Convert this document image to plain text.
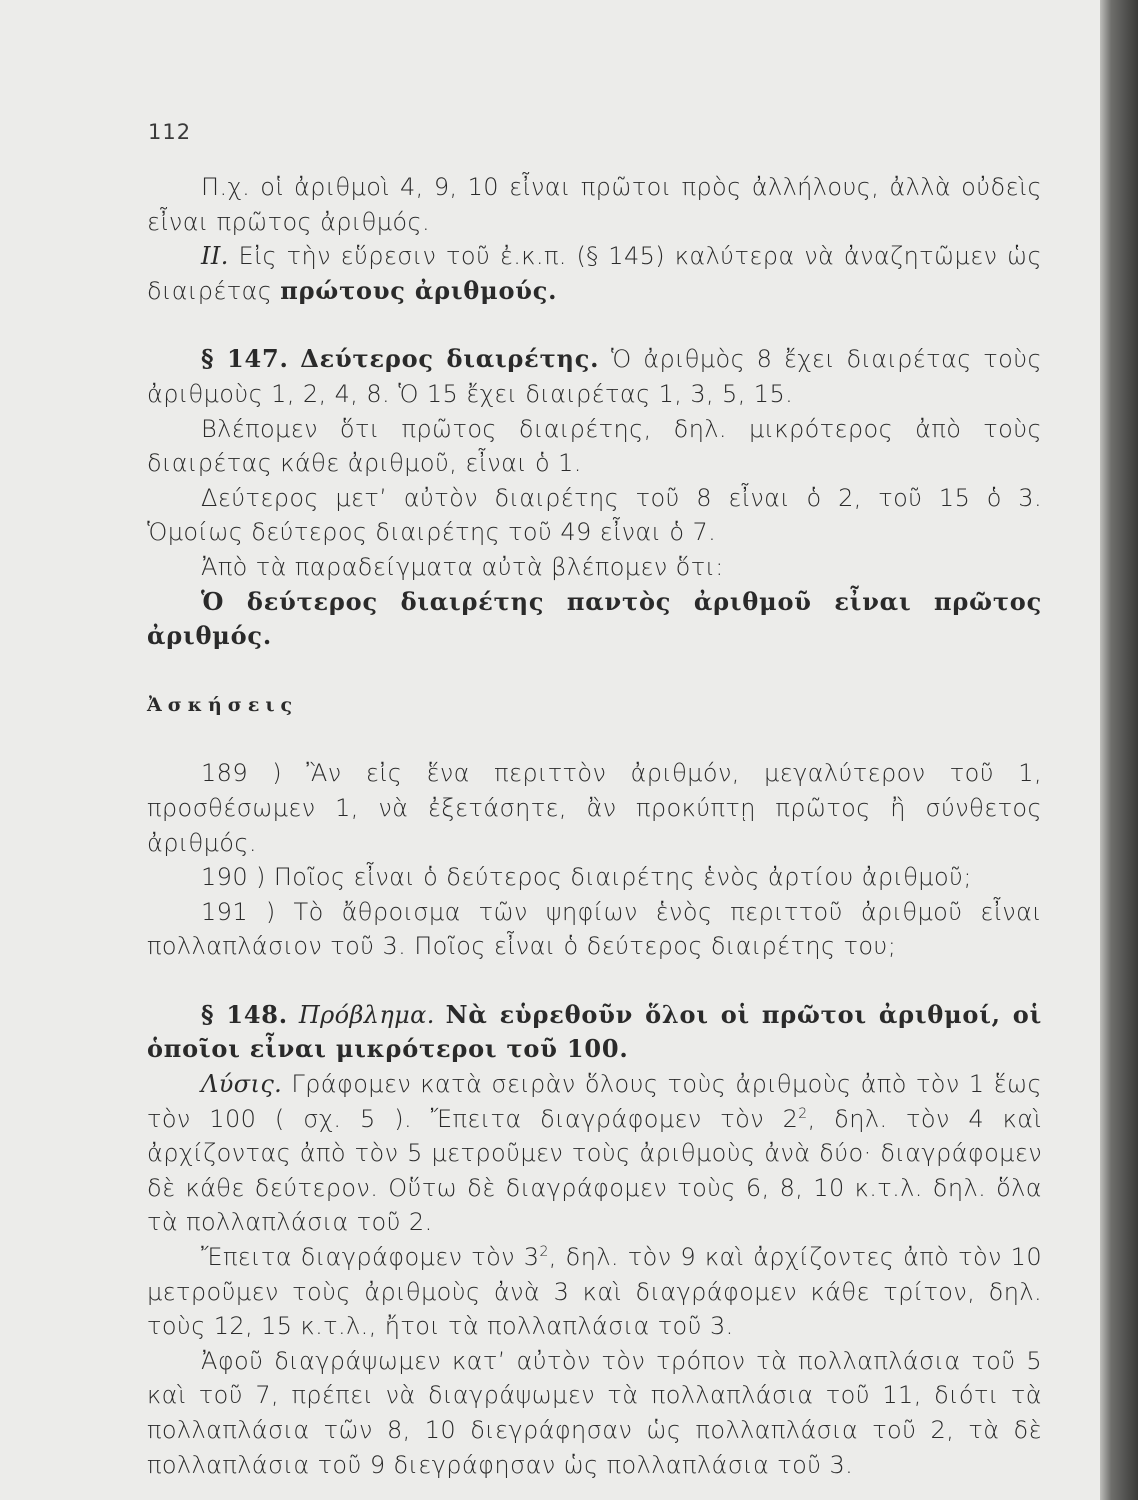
112

Π.χ. οἱ ἀριθμοὶ 4, 9, 10 εἶναι πρῶτοι πρὸς ἀλλήλους, ἀλλὰ οὐδεὶς εἶναι πρῶτος ἀριθμός.

II. Εἰς τὴν εὕρεσιν τοῦ ἐ.κ.π. (§ 145) καλύτερα νὰ ἀναζητῶμεν ὡς διαιρέτας πρώτους ἀριθμούς.

§ 147. Δεύτερος διαιρέτης. Ὁ ἀριθμὸς 8 ἔχει διαιρέτας τοὺς ἀριθμοὺς 1, 2, 4, 8. Ὁ 15 ἔχει διαιρέτας 1, 3, 5, 15.

Βλέπομεν ὅτι πρῶτος διαιρέτης, δηλ. μικρότερος ἀπὸ τοὺς διαιρέτας κάθε ἀριθμοῦ, εἶναι ὁ 1.

Δεύτερος μετ’ αὐτὸν διαιρέτης τοῦ 8 εἶναι ὁ 2, τοῦ 15 ὁ 3. Ὁμοίως δεύτερος διαιρέτης τοῦ 49 εἶναι ὁ 7.

Ἀπὸ τὰ παραδείγματα αὐτὰ βλέπομεν ὅτι:

Ὁ δεύτερος διαιρέτης παντὸς ἀριθμοῦ εἶναι πρῶτος ἀριθμός.

Ἀσκήσεις

189 ) Ἂν εἰς ἕνα περιττὸν ἀριθμόν, μεγαλύτερον τοῦ 1, προσθέσωμεν 1, νὰ ἐξετάσητε, ἂν προκύπτῃ πρῶτος ἢ σύνθετος ἀριθμός.

190 ) Ποῖος εἶναι ὁ δεύτερος διαιρέτης ἑνὸς ἀρτίου ἀριθμοῦ;

191 ) Τὸ ἄθροισμα τῶν ψηφίων ἑνὸς περιττοῦ ἀριθμοῦ εἶναι πολλαπλάσιον τοῦ 3. Ποῖος εἶναι ὁ δεύτερος διαιρέτης του;

§ 148. Πρόβλημα. Νὰ εὑρεθοῦν ὅλοι οἱ πρῶτοι ἀριθμοί, οἱ ὁποῖοι εἶναι μικρότεροι τοῦ 100.

Λύσις. Γράφομεν κατὰ σειρὰν ὅλους τοὺς ἀριθμοὺς ἀπὸ τὸν 1 ἕως τὸν 100 ( σχ. 5 ). Ἔπειτα διαγράφομεν τὸν $2^2$, δηλ. τὸν 4 καὶ ἀρχίζοντας ἀπὸ τὸν 5 μετροῦμεν τοὺς ἀριθμοὺς ἀνὰ δύο· διαγράφομεν δὲ κάθε δεύτερον. Οὕτω δὲ διαγράφομεν τοὺς 6, 8, 10 κ.τ.λ. δηλ. ὅλα τὰ πολλαπλάσια τοῦ 2.

Ἔπειτα διαγράφομεν τὸν $3^2$, δηλ. τὸν 9 καὶ ἀρχίζοντες ἀπὸ τὸν 10 μετροῦμεν τοὺς ἀριθμοὺς ἀνὰ 3 καὶ διαγράφομεν κάθε τρίτον, δηλ. τοὺς 12, 15 κ.τ.λ., ἤτοι τὰ πολλαπλάσια τοῦ 3.

Ἀφοῦ διαγράψωμεν κατ’ αὐτὸν τὸν τρόπον τὰ πολλαπλάσια τοῦ 5 καὶ τοῦ 7, πρέπει νὰ διαγράψωμεν τὰ πολλαπλάσια τοῦ 11, διότι τὰ πολλαπλάσια τῶν 8, 10 διεγράφησαν ὡς πολλαπλάσια τοῦ 2, τὰ δὲ πολλαπλάσια τοῦ 9 διεγράφησαν ὡς πολλαπλάσια τοῦ 3.
